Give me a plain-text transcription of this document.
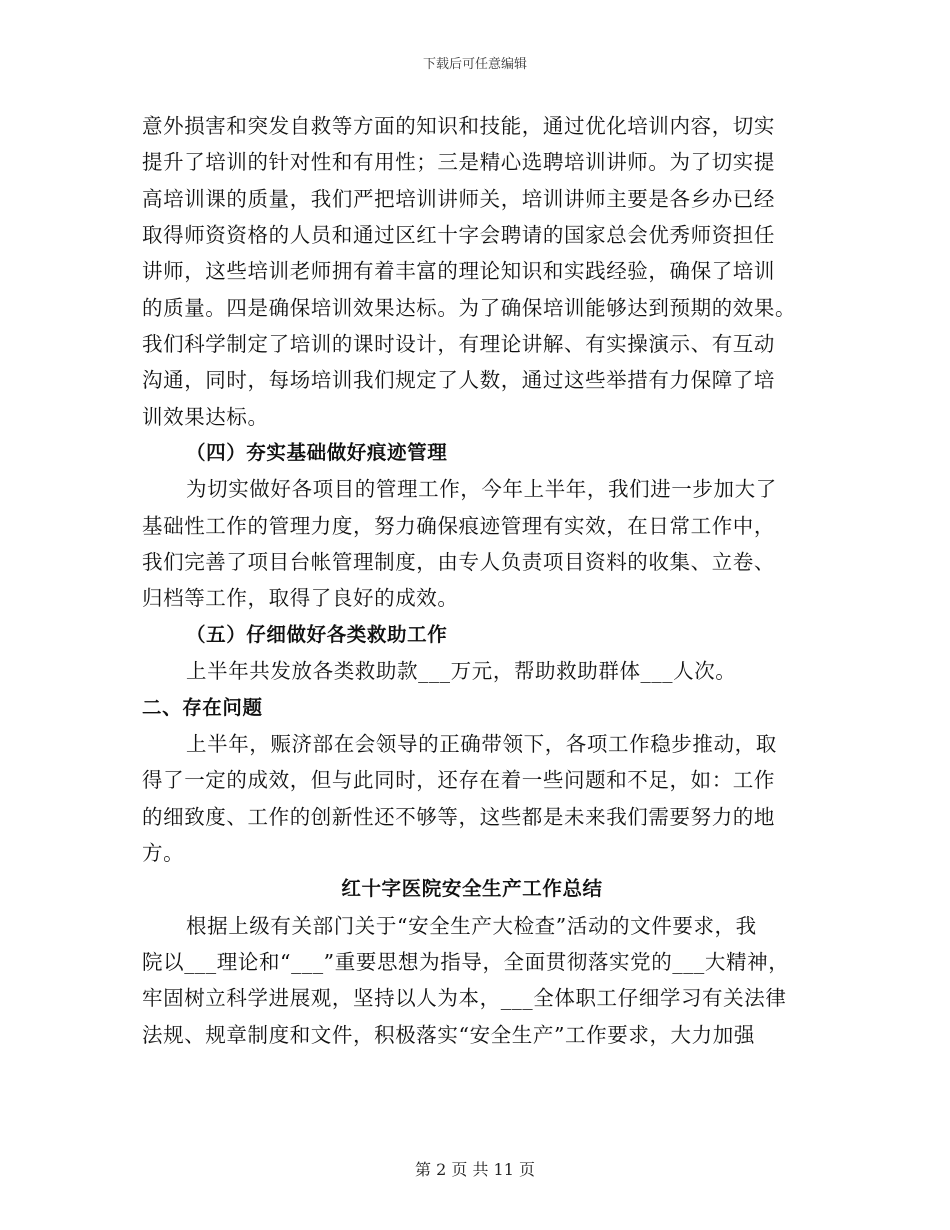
下载后可任意编辑
意外损害和突发自救等方面的知识和技能，通过优化培训内容，切实
提升了培训的针对性和有用性；三是精心选聘培训讲师。为了切实提
高培训课的质量，我们严把培训讲师关，培训讲师主要是各乡办已经
取得师资资格的人员和通过区红十字会聘请的国家总会优秀师资担任
讲师，这些培训老师拥有着丰富的理论知识和实践经验，确保了培训
的质量。四是确保培训效果达标。为了确保培训能够达到预期的效果。
我们科学制定了培训的课时设计，有理论讲解、有实操演示、有互动
沟通，同时，每场培训我们规定了人数，通过这些举措有力保障了培
训效果达标。
（四）夯实基础做好痕迹管理
为切实做好各项目的管理工作，今年上半年，我们进一步加大了
基础性工作的管理力度，努力确保痕迹管理有实效，在日常工作中，
我们完善了项目台帐管理制度，由专人负责项目资料的收集、立卷、
归档等工作，取得了良好的成效。
（五）仔细做好各类救助工作
上半年共发放各类救助款___万元，帮助救助群体___人次。
二、存在问题
上半年，赈济部在会领导的正确带领下，各项工作稳步推动，取
得了一定的成效，但与此同时，还存在着一些问题和不足，如：工作
的细致度、工作的创新性还不够等，这些都是未来我们需要努力的地
方。
红十字医院安全生产工作总结
根据上级有关部门关于“安全生产大检查”活动的文件要求，我
院以___理论和“___”重要思想为指导，全面贯彻落实党的___大精神，
牢固树立科学进展观，坚持以人为本，___全体职工仔细学习有关法律
法规、规章制度和文件，积极落实“安全生产”工作要求，大力加强
第 2 页 共 11 页
